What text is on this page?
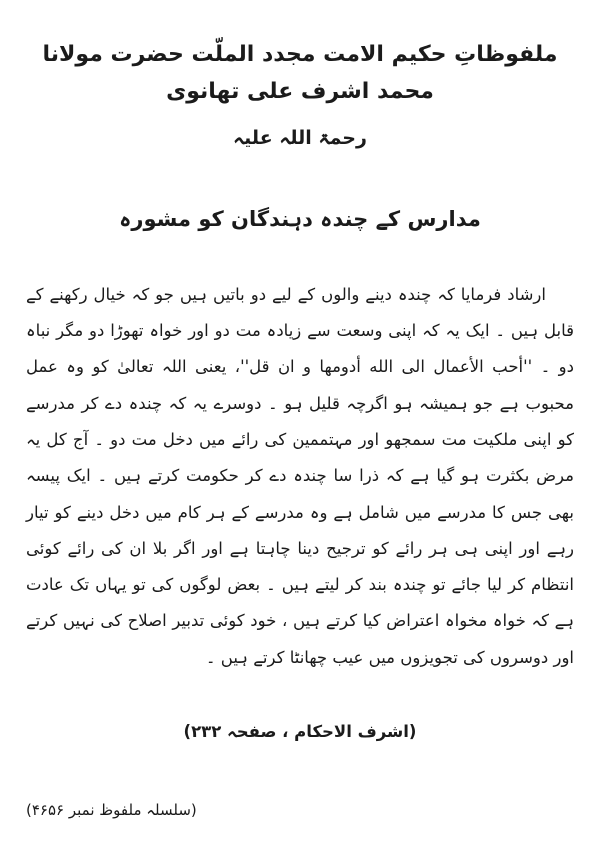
ملفوظاتِ حکیم الامت مجدد الملّت حضرت مولانا محمد اشرف علی تھانوی
رحمۃ اللہ علیہ
مدارس کے چندہ دہندگان کو مشورہ

ارشاد فرمایا کہ چندہ دینے والوں کے لیے دو باتیں ہیں جو کہ خیال رکھنے کے قابل ہیں ۔ ایک یہ کہ اپنی وسعت سے زیادہ مت دو اور خواہ تھوڑا دو مگر نباہ دو ۔ ''أحب الأعمال الی الله أدومها و ان قل''، یعنی اللہ تعالیٰ کو وہ عمل محبوب ہے جو ہمیشہ ہو اگرچہ قلیل ہو ۔ دوسرے یہ کہ چندہ دے کر مدرسے کو اپنی ملکیت مت سمجھو اور مہتممین کی رائے میں دخل مت دو ۔ آج کل یہ مرض بکثرت ہو گیا ہے کہ ذرا سا چندہ دے کر حکومت کرتے ہیں ۔ ایک پیسہ بھی جس کا مدرسے میں شامل ہے وہ مدرسے کے ہر کام میں دخل دینے کو تیار رہے اور اپنی ہی ہر رائے کو ترجیح دینا چاہتا ہے اور اگر بلا ان کی رائے کوئی انتظام کر لیا جائے تو چندہ بند کر لیتے ہیں ۔ بعض لوگوں کی تو یہاں تک عادت ہے کہ خواہ مخواہ اعتراض کیا کرتے ہیں ، خود کوئی تدبیر اصلاح کی نہیں کرتے اور دوسروں کی تجویزوں میں عیب چھانٹا کرتے ہیں ۔

(اشرف الاحکام ، صفحہ ۲۳۲)
(سلسلہ ملفوظ نمبر ۴۶۵۶)
